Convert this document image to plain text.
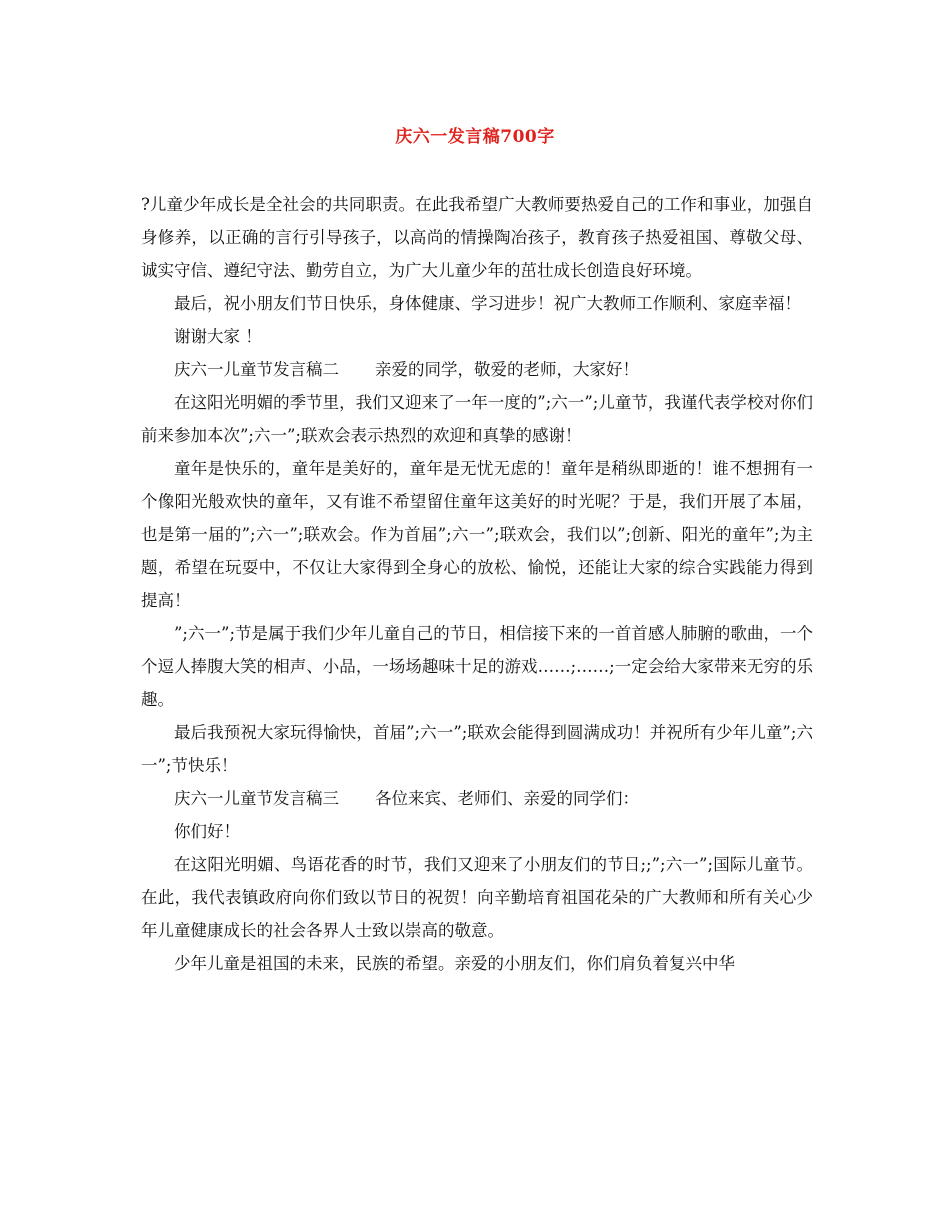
庆六一发言稿700字

?儿童少年成长是全社会的共同职责。在此我希望广大教师要热爱自己的工作和事业，加强自身修养，以正确的言行引导孩子，以高尚的情操陶冶孩子，教育孩子热爱祖国、尊敬父母、诚实守信、遵纪守法、勤劳自立，为广大儿童少年的茁壮成长创造良好环境。

最后，祝小朋友们节日快乐，身体健康、学习进步！祝广大教师工作顺利、家庭幸福！

谢谢大家 ！

庆六一儿童节发言稿二 亲爱的同学，敬爱的老师，大家好！

在这阳光明媚的季节里，我们又迎来了一年一度的”;六一”;儿童节，我谨代表学校对你们前来参加本次”;六一”;联欢会表示热烈的欢迎和真挚的感谢！

童年是快乐的，童年是美好的，童年是无忧无虑的！童年是稍纵即逝的！谁不想拥有一个像阳光般欢快的童年，又有谁不希望留住童年这美好的时光呢？于是，我们开展了本届，也是第一届的”;六一”;联欢会。作为首届”;六一”;联欢会，我们以”;创新、阳光的童年”;为主题，希望在玩耍中，不仅让大家得到全身心的放松、愉悦，还能让大家的综合实践能力得到提高！

”;六一”;节是属于我们少年儿童自己的节日，相信接下来的一首首感人肺腑的歌曲，一个个逗人捧腹大笑的相声、小品，一场场趣味十足的游戏……;……;一定会给大家带来无穷的乐趣。

最后我预祝大家玩得愉快，首届”;六一”;联欢会能得到圆满成功！并祝所有少年儿童”;六一”;节快乐！

庆六一儿童节发言稿三 各位来宾、老师们、亲爱的同学们：

你们好！

在这阳光明媚、鸟语花香的时节，我们又迎来了小朋友们的节日;;”;六一”;国际儿童节。在此，我代表镇政府向你们致以节日的祝贺！向辛勤培育祖国花朵的广大教师和所有关心少年儿童健康成长的社会各界人士致以崇高的敬意。

少年儿童是祖国的未来，民族的希望。亲爱的小朋友们，你们肩负着复兴中华
